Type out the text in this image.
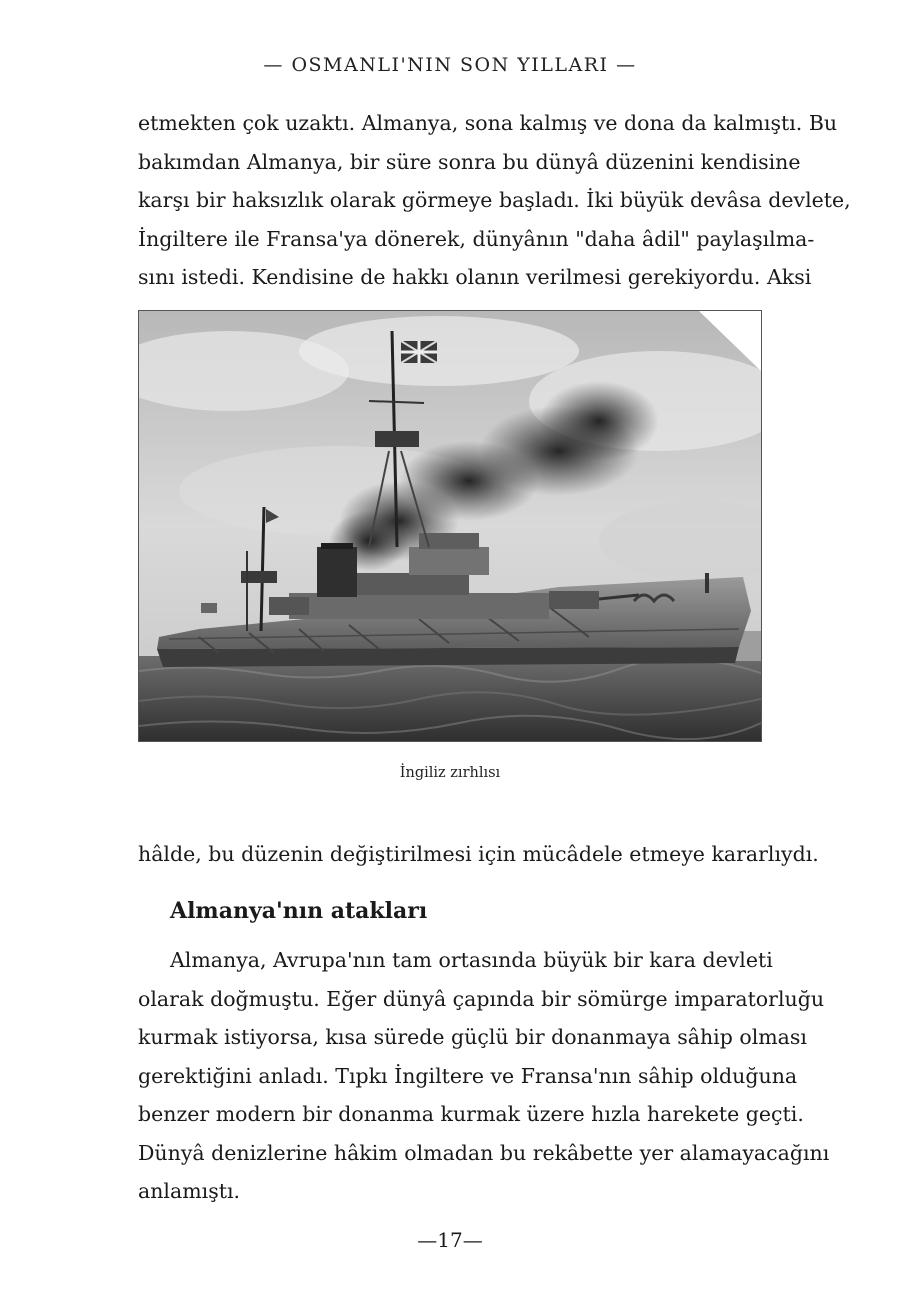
— OSMANLI'NIN SON YILLARI —

etmekten çok uzaktı. Almanya, sona kalmış ve dona da kalmıştı. Bu
bakımdan Almanya, bir süre sonra bu dünyâ düzenini kendisine
karşı bir haksızlık olarak görmeye başladı. İki büyük devâsa devlete,
İngiltere ile Fransa'ya dönerek, dünyânın "daha âdil" paylaşılma-
sını istedi. Kendisine de hakkı olanın verilmesi gerekiyordu. Aksi

İngiliz zırhlısı

hâlde, bu düzenin değiştirilmesi için mücâdele etmeye kararlıydı.

Almanya'nın atakları

Almanya, Avrupa'nın tam ortasında büyük bir kara devleti
olarak doğmuştu. Eğer dünyâ çapında bir sömürge imparatorluğu
kurmak istiyorsa, kısa sürede güçlü bir donanmaya sâhip olması
gerektiğini anladı. Tıpkı İngiltere ve Fransa'nın sâhip olduğuna
benzer modern bir donanma kurmak üzere hızla harekete geçti.
Dünyâ denizlerine hâkim olmadan bu rekâbette yer alamayacağını
anlamıştı.

—17—
